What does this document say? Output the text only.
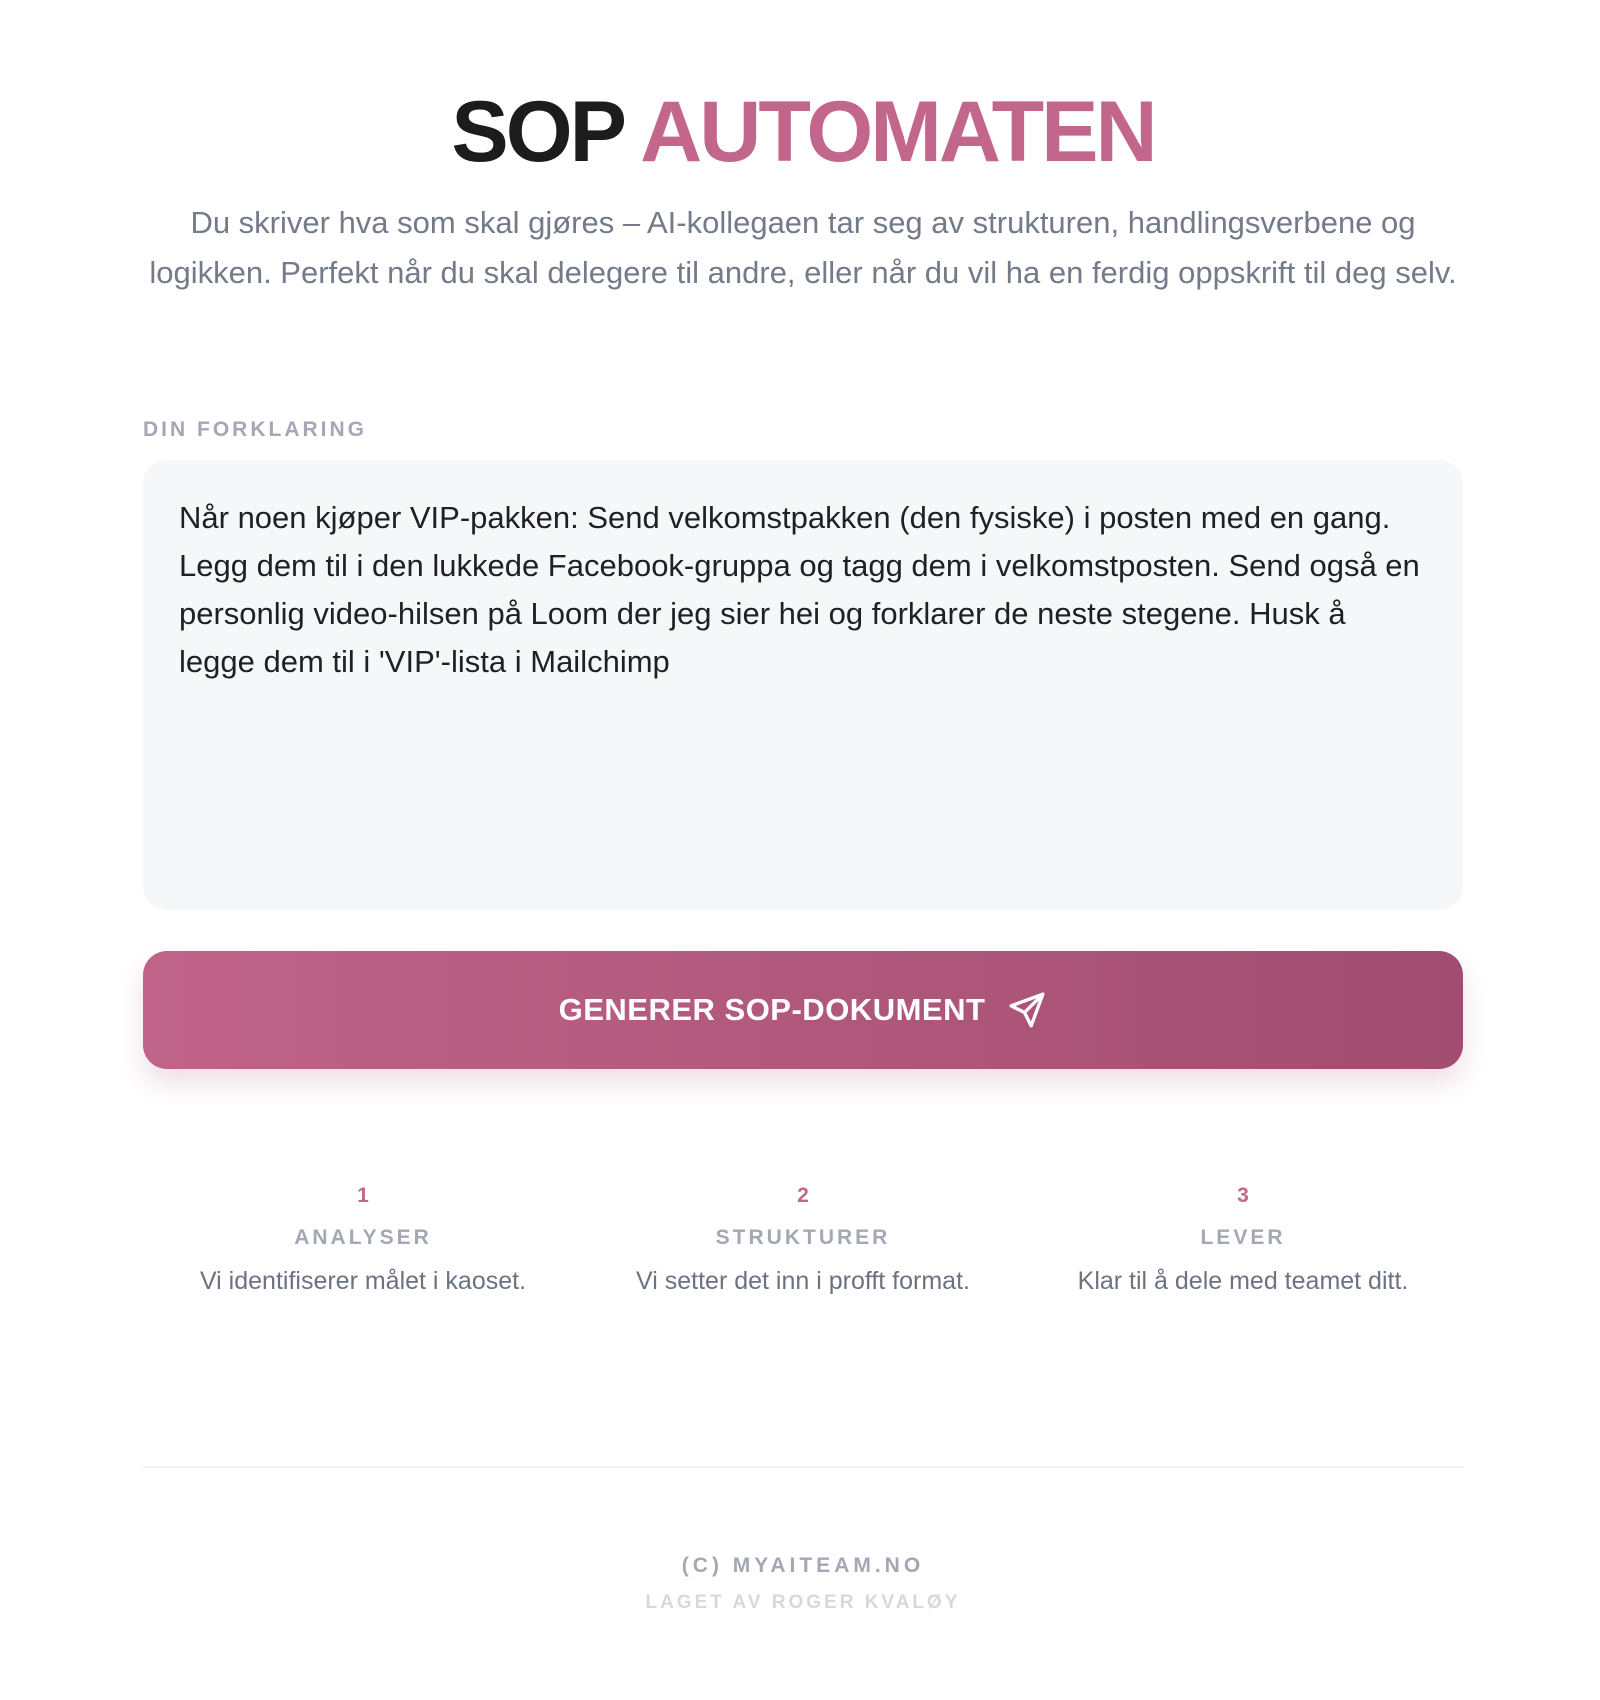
SOP AUTOMATEN

Du skriver hva som skal gjøres – AI-kollegaen tar seg av strukturen, handlingsverbene og logikken. Perfekt når du skal delegere til andre, eller når du vil ha en ferdig oppskrift til deg selv.

DIN FORKLARING
Når noen kjøper VIP-pakken: Send velkomstpakken (den fysiske) i posten med en gang. Legg dem til i den lukkede Facebook-gruppa og tagg dem i velkomstposten. Send også en personlig video-hilsen på Loom der jeg sier hei og forklarer de neste stegene. Husk å legge dem til i 'VIP'-lista i Mailchimp
GENERER SOP-DOKUMENT
1
ANALYSER
Vi identifiserer målet i kaoset.
2
STRUKTURER
Vi setter det inn i profft format.
3
LEVER
Klar til å dele med teamet ditt.
(C) MYAITEAM.NO
LAGET AV ROGER KVALØY
